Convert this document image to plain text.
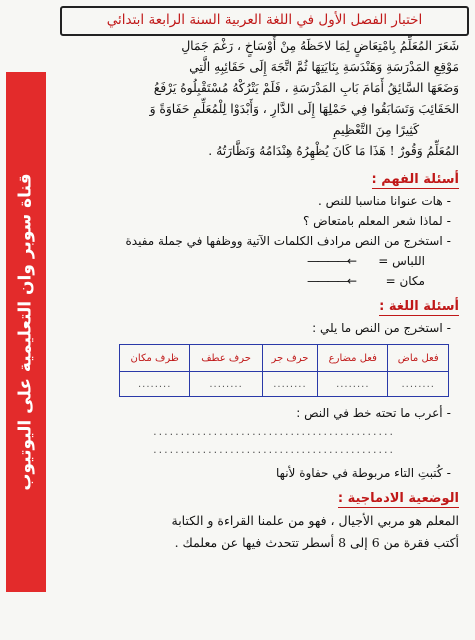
اختبار الفصل الأول في اللغة العربية السنة الرابعة ابتدائي
قناة سوبر وان التعليمية على اليوتيوب

شَعَرَ المُعَلِّمُ بِامْتِعَاضٍ لِمَا لاحَظَهُ مِنْ أَوْسَاخٍ ، رَغْمَ جَمَالِ

مَوْقِعِ المَدْرَسَةِ وَهَنْدَسَةِ بِنَايَتِهَا ثُمَّ اتَّجَهَ إِلَى حَقَائِبِهِ الَّتِي

وَضَعَهَا السَّائِقُ أَمَامَ بَابِ المَدْرَسَةِ ، فَلَمْ يَتْرُكْهُ مُسْتَقْبِلُوهُ يَرْفَعُ

الحَقَائِبَ وَتَسَابَقُوا فِي حَمْلِهَا إِلَى الدَّارِ ، وَأَبْدَوْا لِلْمُعَلِّمِ حَفَاوَةً وَ

كَثِيرًا مِنَ التَّعْظِيمِ

المُعَلِّمُ وَقُورٌ ! هَذَا مَا كَانَ يُظْهِرُهُ هِنْدَامُهُ وَنَظَّارَتُهُ .

أسئلة الفهم :
-هات عنوانا مناسبا للنص .
-لماذا شعر المعلم بامتعاض ؟
-استخرج من النص مرادف الكلمات الآتية ووظفها في جملة مفيدة
اللباس =
←————
مكان =
←————
أسئلة اللغة :
-استخرج من النص ما يلي :
فعل ماض	فعل مضارع	حرف جر	حرف عطف	ظرف مكان
........	........	........	........	........
-أعرب ما تحته خط في النص :
............................................
............................................
-كُتبتِ التاء مربوطة في حفاوة لأنها
الوضعية الادماجية :
المعلم هو مربي الأجيال ، فهو من علمنا القراءة و الكتابة
أكتب فقرة من 6 إلى 8 أسطر تتحدث فيها عن معلمك .
